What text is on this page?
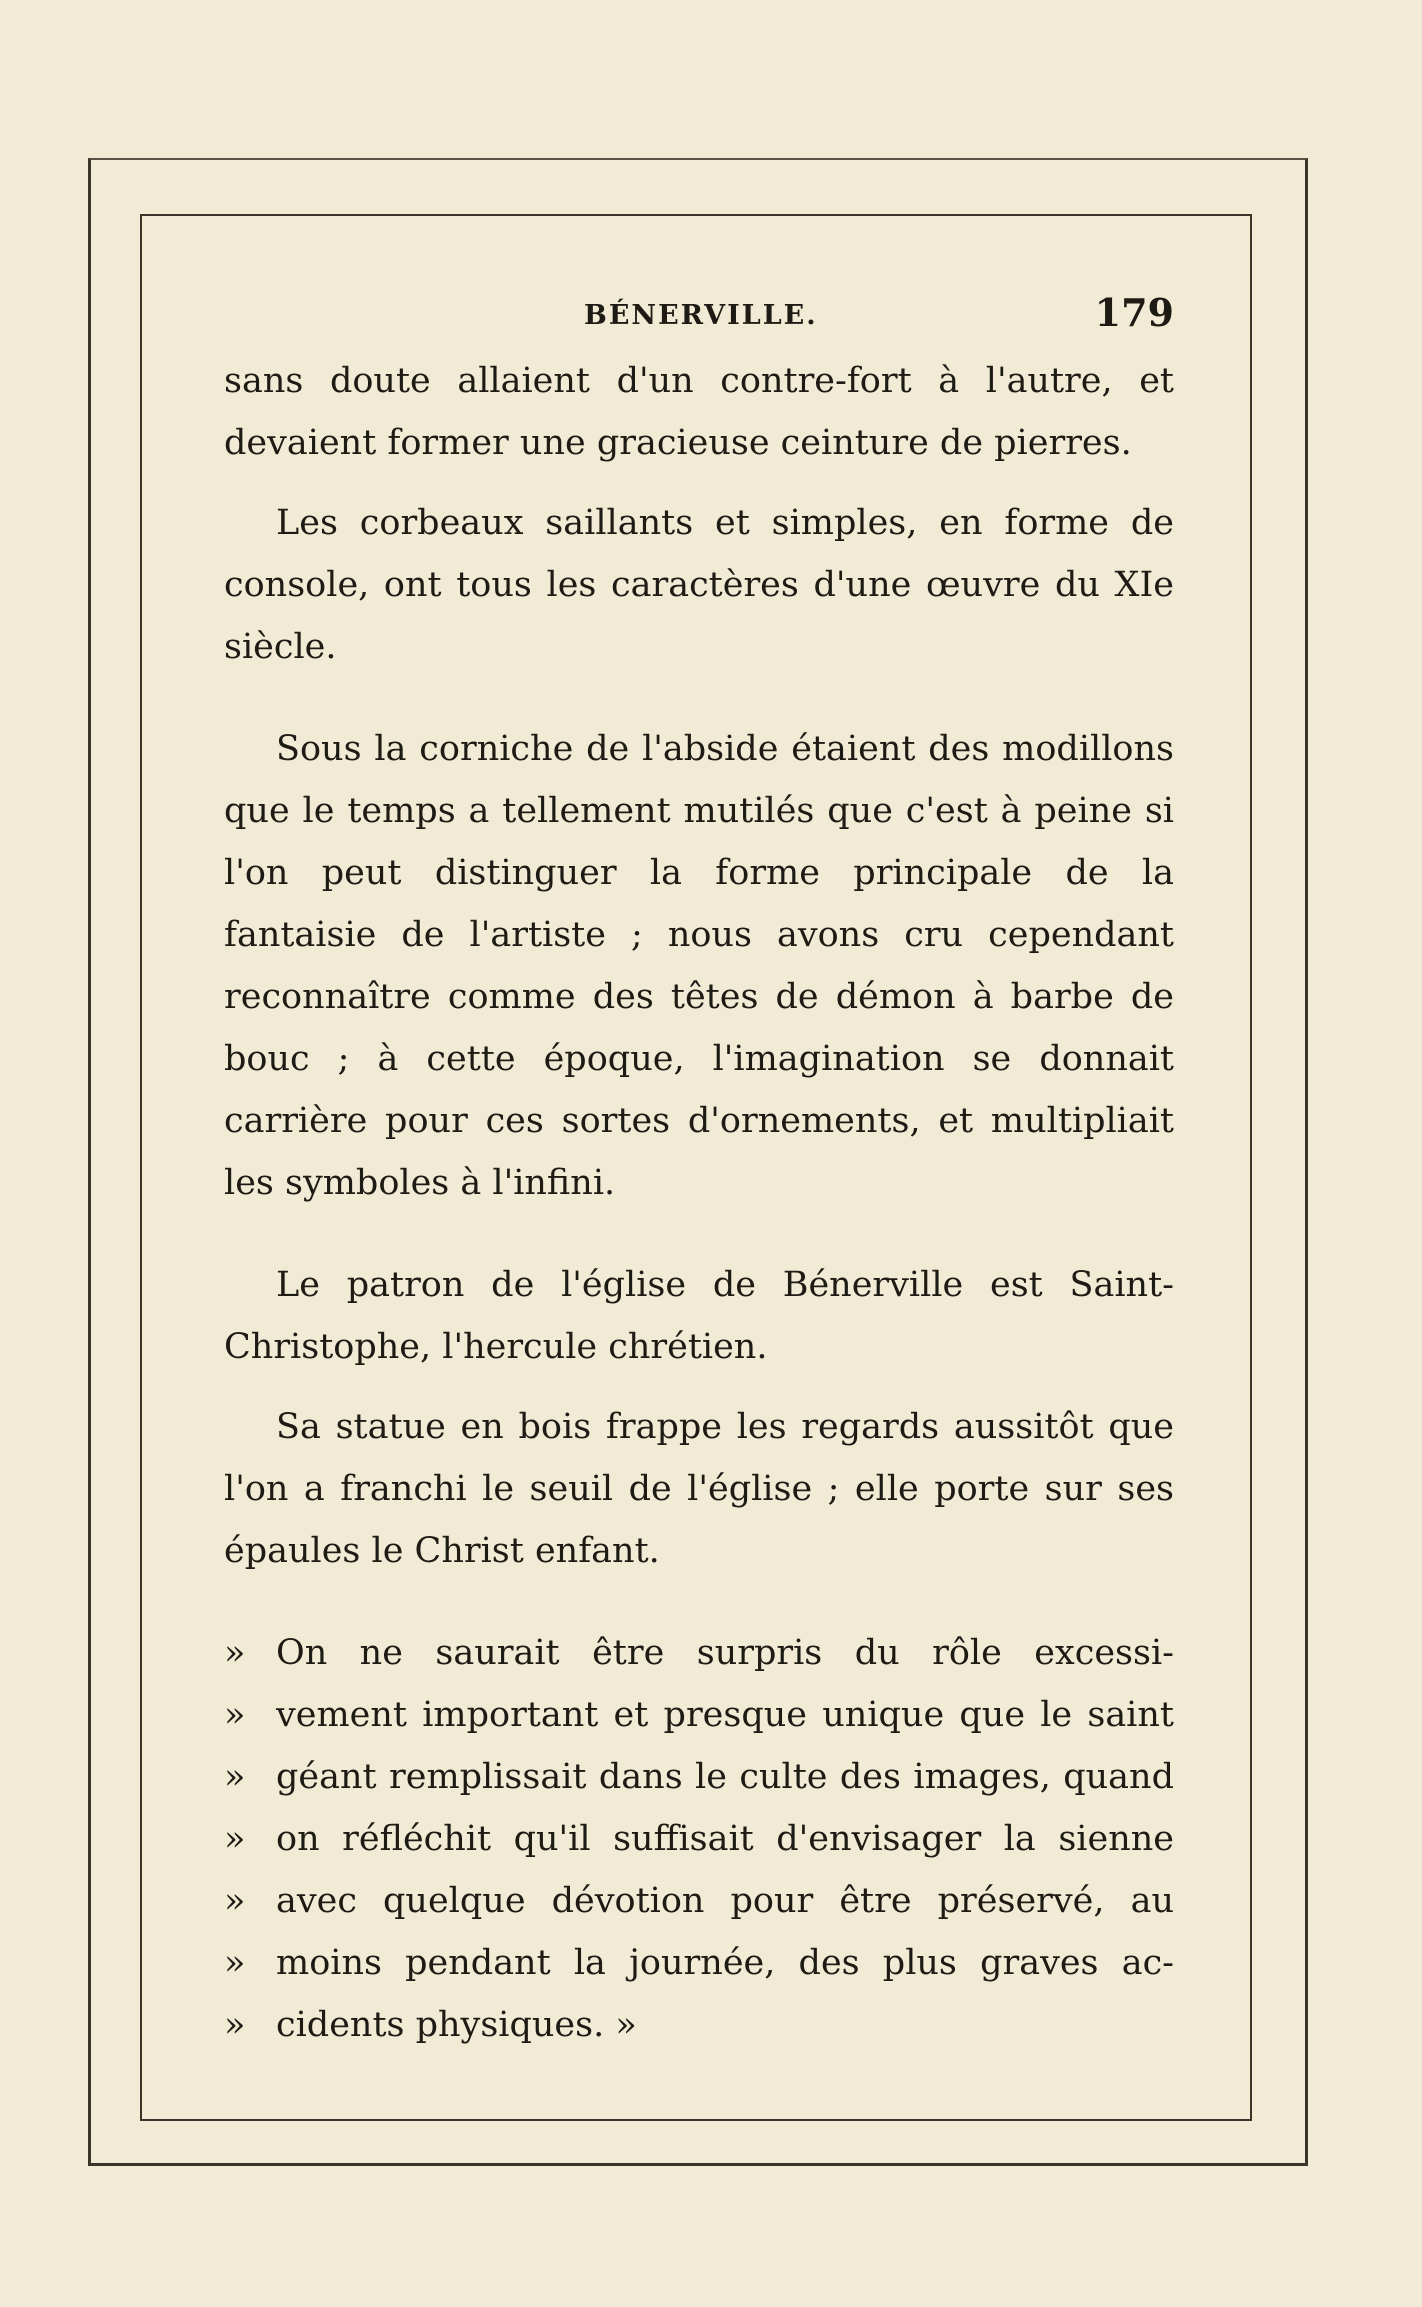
BÉNERVILLE.	179

sans doute allaient d'un contre-fort à l'autre, et devaient former une gracieuse ceinture de pierres.

Les corbeaux saillants et simples, en forme de console, ont tous les caractères d'une œuvre du XIe siècle.

Sous la corniche de l'abside étaient des modillons que le temps a tellement mutilés que c'est à peine si l'on peut distinguer la forme principale de la fantaisie de l'artiste ; nous avons cru cependant reconnaître comme des têtes de démon à barbe de bouc ; à cette époque, l'imagination se donnait carrière pour ces sortes d'ornements, et multipliait les symboles à l'infini.

Le patron de l'église de Bénerville est Saint-Christophe, l'hercule chrétien.

Sa statue en bois frappe les regards aussitôt que l'on a franchi le seuil de l'église ; elle porte sur ses épaules le Christ enfant.

» On ne saurait être surpris du rôle excessi-
» vement important et presque unique que le saint
» géant remplissait dans le culte des images, quand
» on réfléchit qu'il suffisait d'envisager la sienne
» avec quelque dévotion pour être préservé, au
» moins pendant la journée, des plus graves ac-
» cidents physiques. »
